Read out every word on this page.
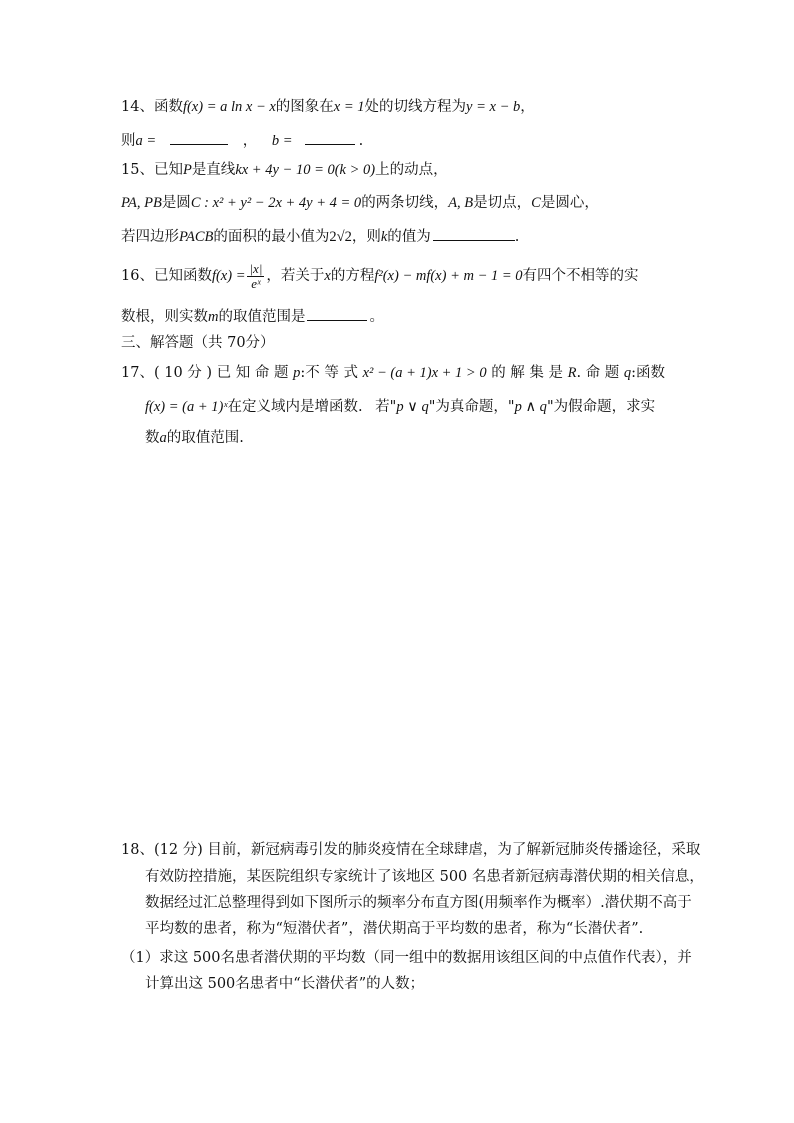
14、函数f(x) = a ln x − x的图象在x = 1处的切线方程为y = x − b，
则a =	， b =	.
15、已知P是直线kx + 4y − 10 = 0(k > 0)上的动点，
PA, PB是圆C : x² + y² − 2x + 4y + 4 = 0的两条切线，A, B是切点，C是圆心，
若四边形PACB的面积的最小值为2√2，则k的值为	.
16、已知函数$f(x) = \frac{|x|}{\text{eˣ}}$ ，若关于x的方程f²(x) − mf(x) + m − 1 = 0有四个不相等的实
数根，则实数m的取值范围是	。
三、解答题（共 70分）
17、( 10 分 ) 已 知 命 题 p:不 等 式 x² − (a + 1)x + 1 > 0 的 解 集 是 R. 命 题 q:函数
f(x) = (a + 1)ˣ在定义域内是增函数. 若"p ∨ q"为真命题，"p ∧ q"为假命题，求实
数a的取值范围.
18、(12 分) 目前，新冠病毒引发的肺炎疫情在全球肆虐，为了解新冠肺炎传播途径，采取
有效防控措施，某医院组织专家统计了该地区 500 名患者新冠病毒潜伏期的相关信息，
数据经过汇总整理得到如下图所示的频率分布直方图(用频率作为概率）.潜伏期不高于
平均数的患者，称为“短潜伏者”，潜伏期高于平均数的患者，称为“长潜伏者”.
（1）求这 500名患者潜伏期的平均数（同一组中的数据用该组区间的中点值作代表），并
计算出这 500名患者中“长潜伏者”的人数；
